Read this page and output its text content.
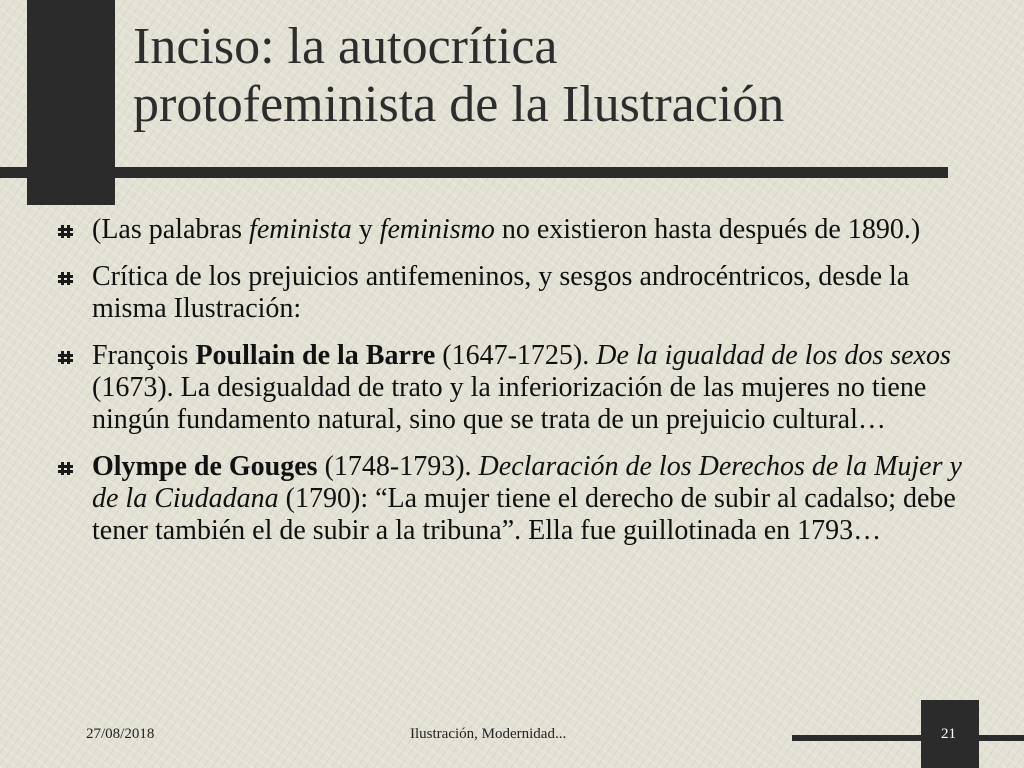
Inciso: la autocrítica
protofeminista de la Ilustración
(Las palabras feminista y feminismo no existieron hasta después de 1890.)
Crítica de los prejuicios antifemeninos, y sesgos androcéntricos, desde la misma Ilustración:
François Poullain de la Barre (1647-1725). De la igualdad de los dos sexos (1673). La desigualdad de trato y la inferiorización de las mujeres no tiene ningún fundamento natural, sino que se trata de un prejuicio cultural…
Olympe de Gouges (1748-1793). Declaración de los Derechos de la Mujer y de la Ciudadana (1790): “La mujer tiene el derecho de subir al cadalso; debe tener también el de subir a la tribuna”. Ella fue guillotinada en 1793…
27/08/2018	Ilustración, Modernidad...	21
